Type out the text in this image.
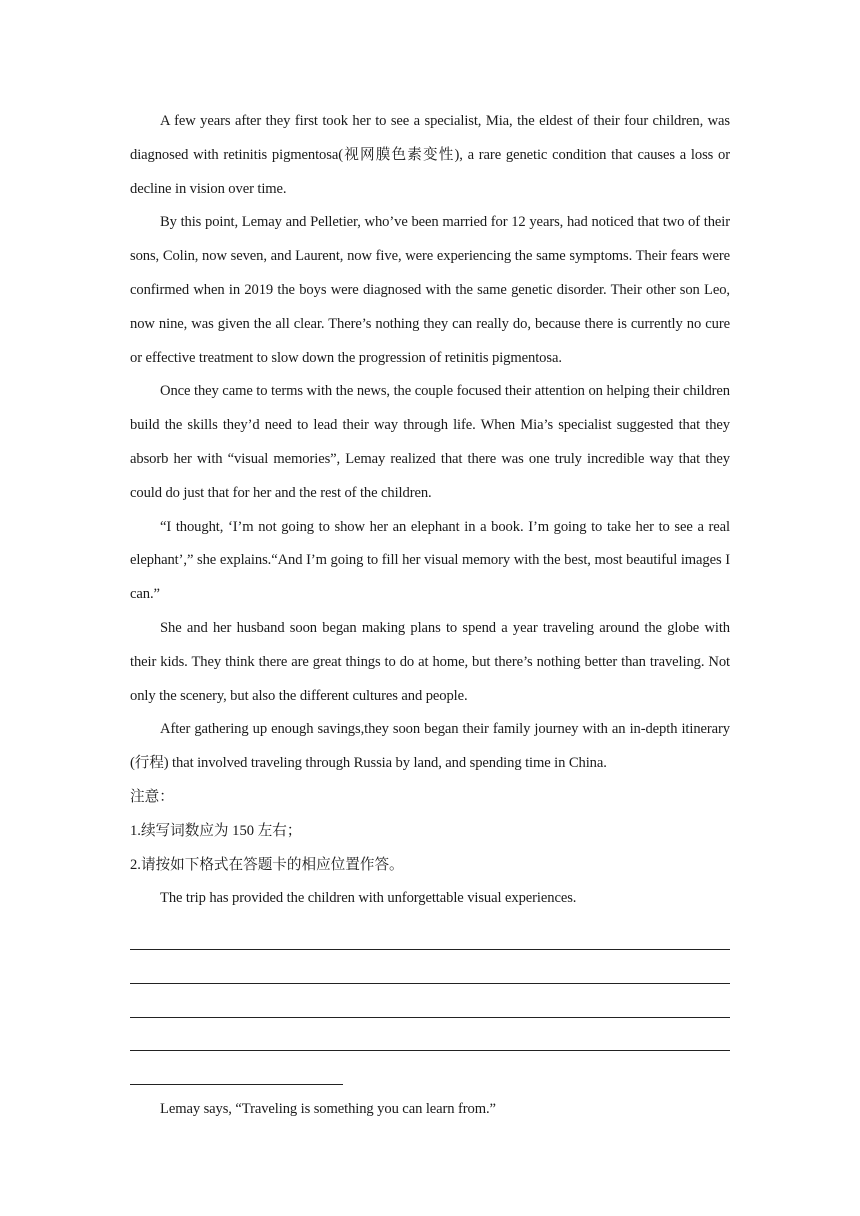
A few years after they first took her to see a specialist, Mia, the eldest of their four children, was diagnosed with retinitis pigmentosa(视网膜色素变性), a rare genetic condition that causes a loss or decline in vision over time.

By this point, Lemay and Pelletier, who’ve been married for 12 years, had noticed that two of their sons, Colin, now seven, and Laurent, now five, were experiencing the same symptoms. Their fears were confirmed when in 2019 the boys were diagnosed with the same genetic disorder. Their other son Leo, now nine, was given the all clear. There’s nothing they can really do, because there is currently no cure or effective treatment to slow down the progression of retinitis pigmentosa.

Once they came to terms with the news, the couple focused their attention on helping their children build the skills they’d need to lead their way through life. When Mia’s specialist suggested that they absorb her with “visual memories”, Lemay realized that there was one truly incredible way that they could do just that for her and the rest of the children.

“I thought, ‘I’m not going to show her an elephant in a book. I’m going to take her to see a real elephant’,” she explains.“And I’m going to fill her visual memory with the best, most beautiful images I can.”

She and her husband soon began making plans to spend a year traveling around the globe with their kids. They think there are great things to do at home, but there’s nothing better than traveling. Not only the scenery, but also the different cultures and people.

After gathering up enough savings,they soon began their family journey with an in-depth itinerary (行程) that involved traveling through Russia by land, and spending time in China.

注意：

1.续写词数应为 150 左右；

2.请按如下格式在答题卡的相应位置作答。

The trip has provided the children with unforgettable visual experiences.

Lemay says, “Traveling is something you can learn from.”
